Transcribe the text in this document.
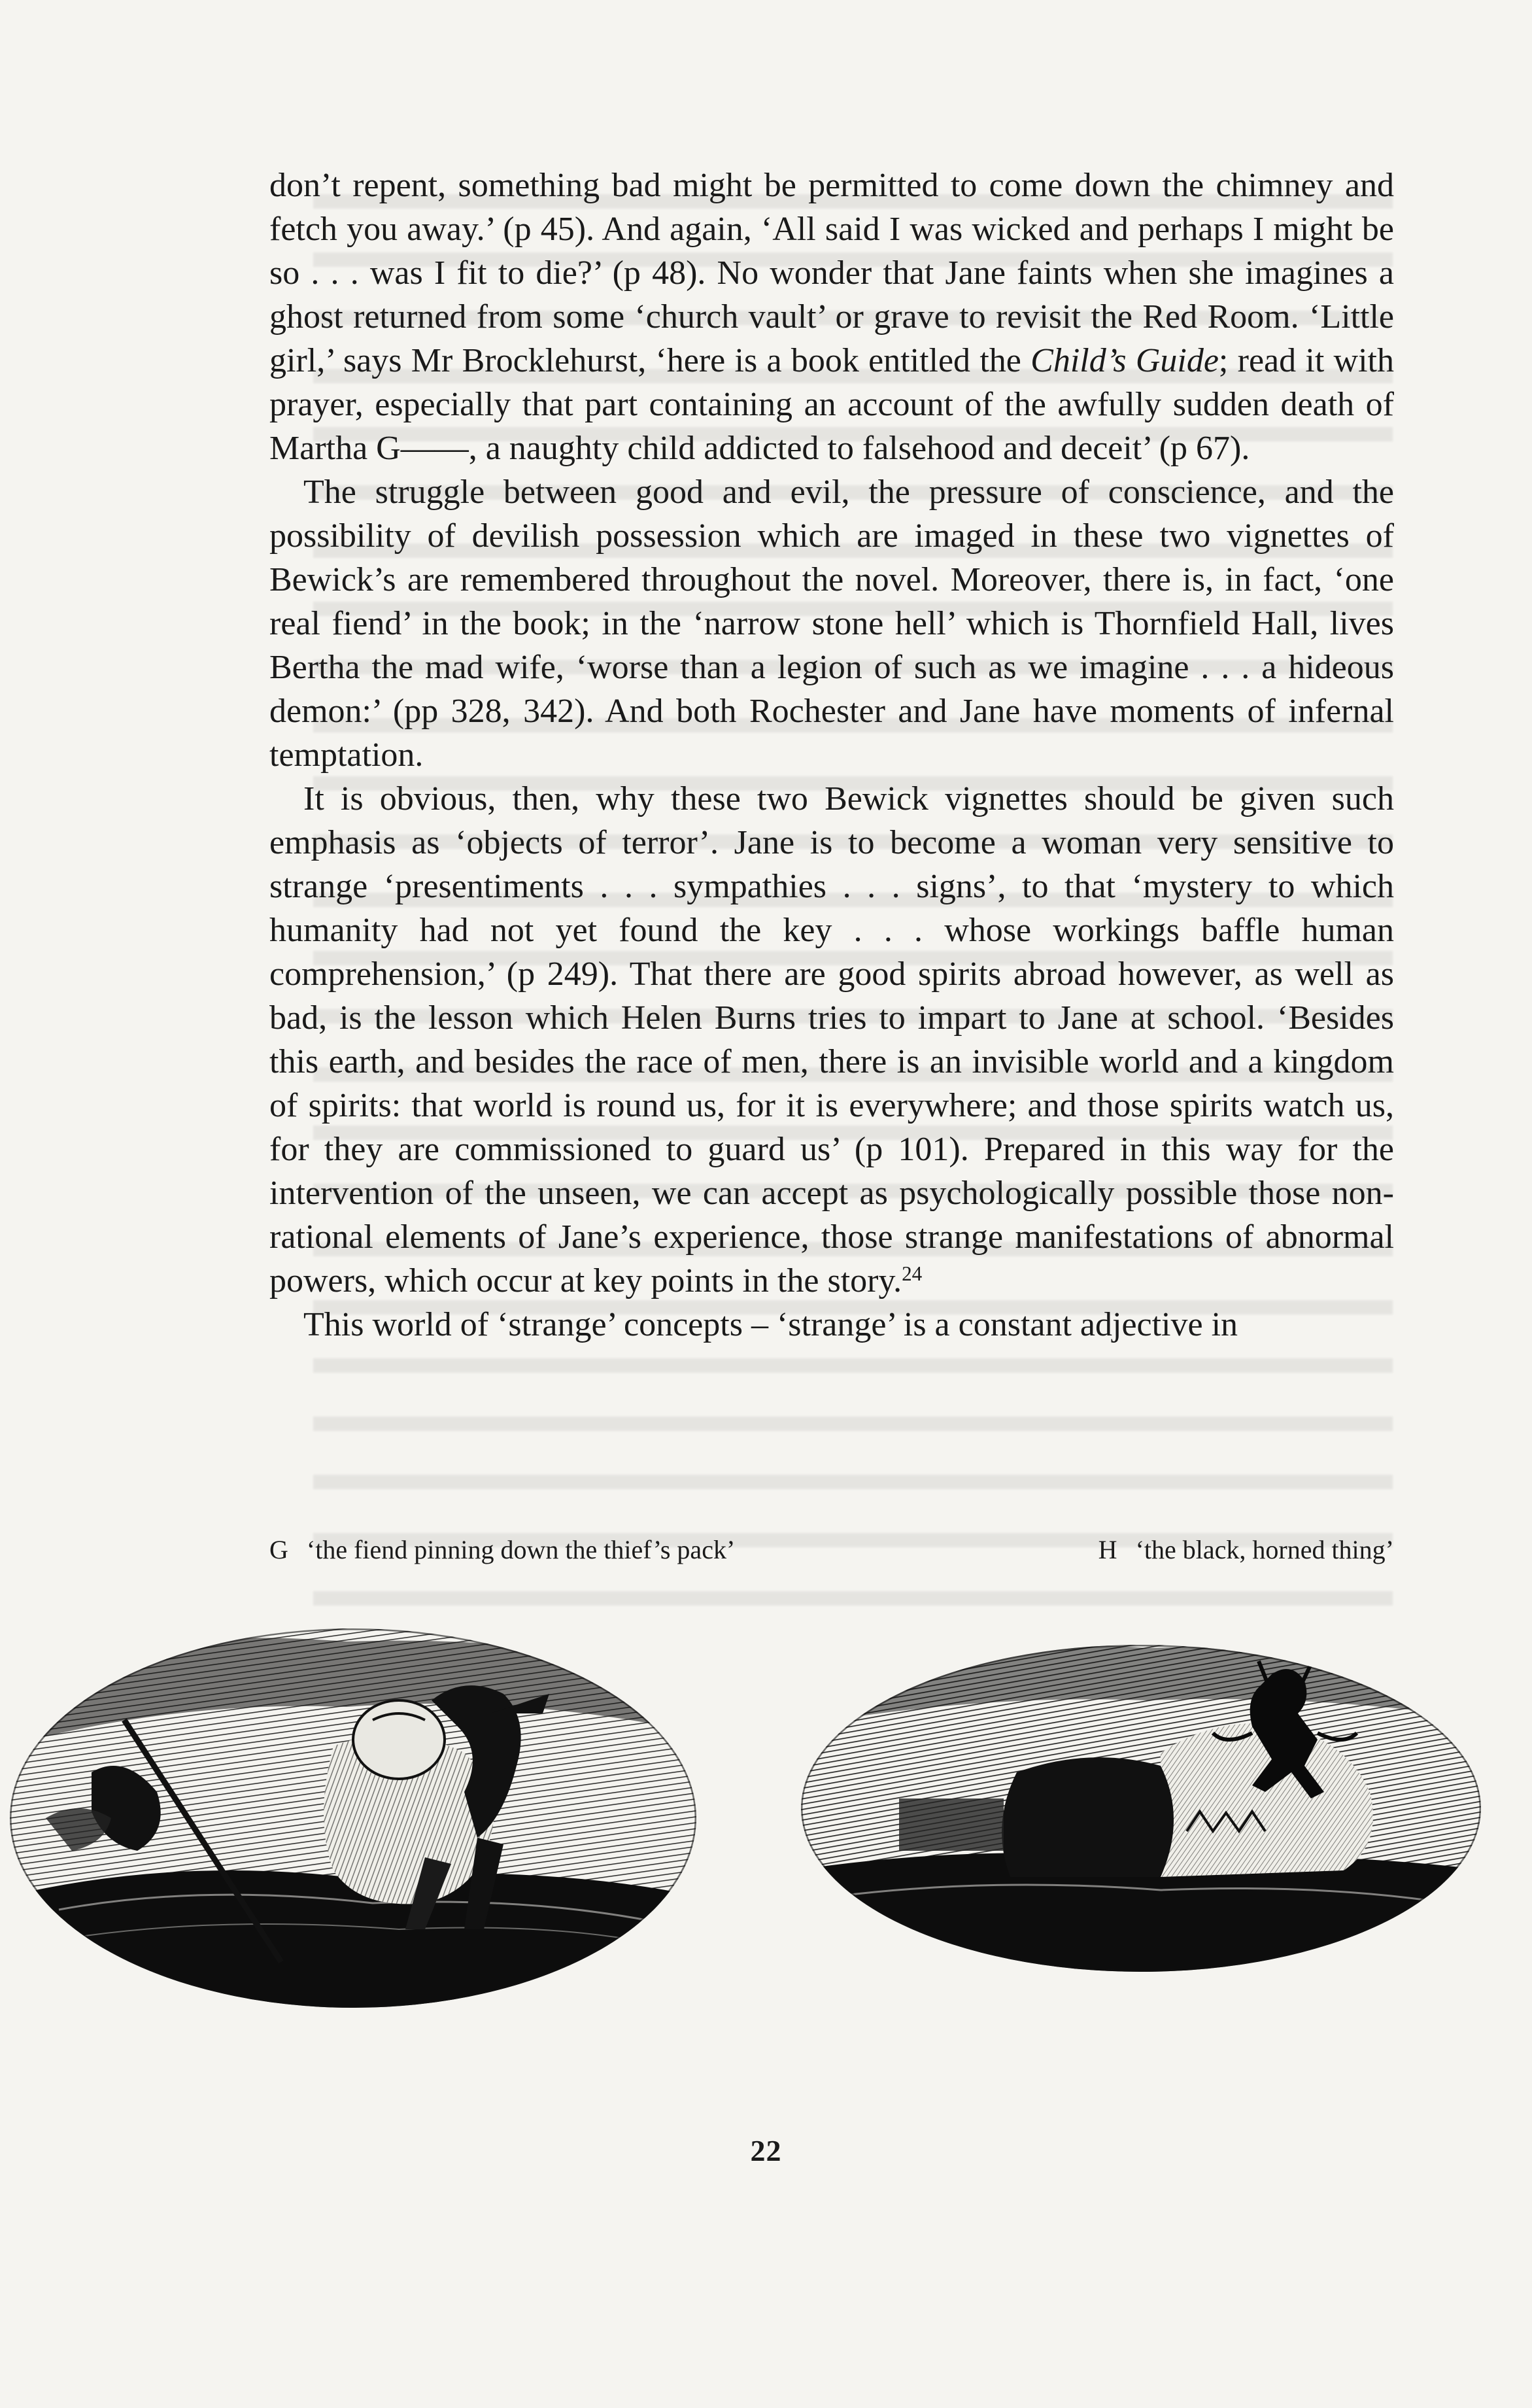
don’t repent, something bad might be permitted to come down the chimney and fetch you away.’ (p 45). And again, ‘All said I was wicked and perhaps I might be so . . . was I fit to die?’ (p 48). No wonder that Jane faints when she imagines a ghost returned from some ‘church vault’ or grave to revisit the Red Room. ‘Little girl,’ says Mr Brocklehurst, ‘here is a book entitled the Child’s Guide; read it with prayer, especially that part containing an account of the awfully sudden death of Martha G——, a naughty child addicted to falsehood and deceit’ (p 67).

The struggle between good and evil, the pressure of conscience, and the possibility of devilish possession which are imaged in these two vignettes of Bewick’s are remembered throughout the novel. Moreover, there is, in fact, ‘one real fiend’ in the book; in the ‘narrow stone hell’ which is Thornfield Hall, lives Bertha the mad wife, ‘worse than a legion of such as we imagine . . . a hideous demon:’ (pp 328, 342). And both Rochester and Jane have moments of infernal temptation.

It is obvious, then, why these two Bewick vignettes should be given such emphasis as ‘objects of terror’. Jane is to become a woman very sensitive to strange ‘presentiments . . . sympathies . . . signs’, to that ‘mystery to which humanity had not yet found the key . . . whose workings baffle human comprehension,’ (p 249). That there are good spirits abroad however, as well as bad, is the lesson which Helen Burns tries to impart to Jane at school. ‘Besides this earth, and besides the race of men, there is an invisible world and a kingdom of spirits: that world is round us, for it is everywhere; and those spirits watch us, for they are commissioned to guard us’ (p 101). Prepared in this way for the intervention of the unseen, we can accept as psychologically possible those non-rational elements of Jane’s experience, those strange manifestations of abnormal powers, which occur at key points in the story.$^{24}$

This world of ‘strange’ concepts – ‘strange’ is a constant adjective in

G ‘the fiend pinning down the thief’s pack’	H ‘the black, horned thing’
22
